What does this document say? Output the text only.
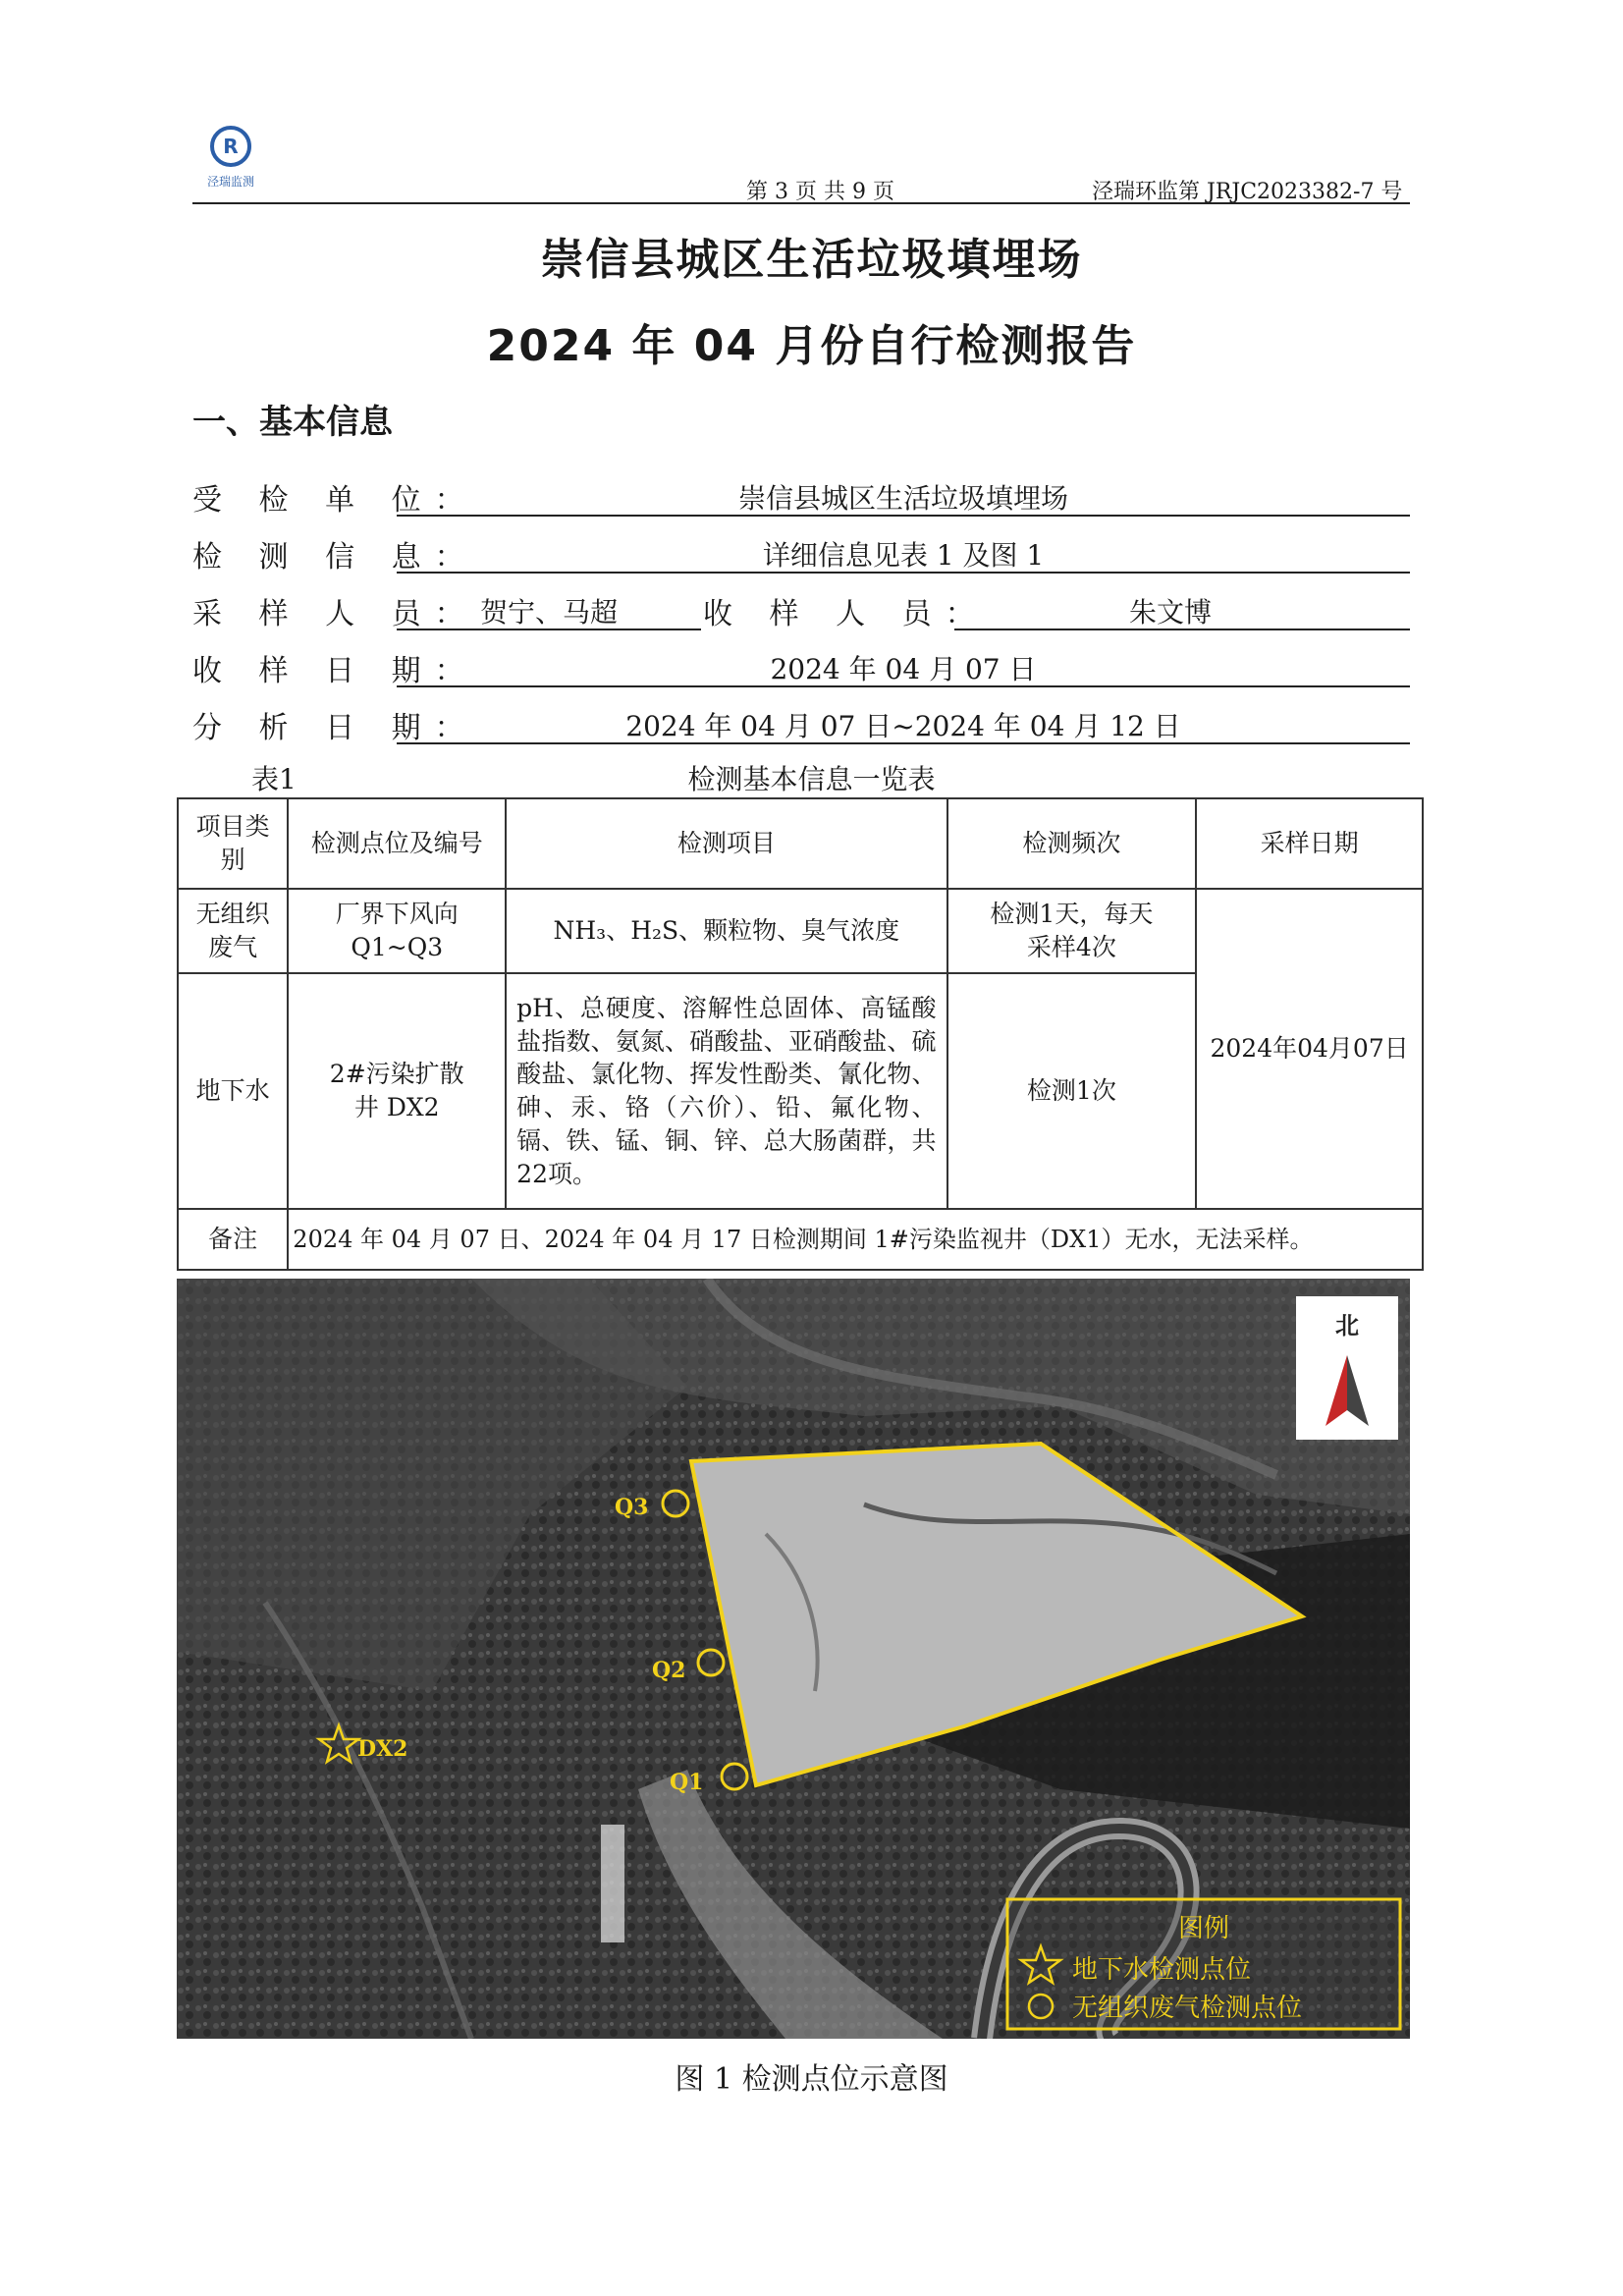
R
泾瑞监测	第 3 页 共 9 页	泾瑞环监第 JRJC2023382-7 号
崇信县城区生活垃圾填埋场
2024 年 04 月份自行检测报告
一、基本信息
受 检 单 位：	崇信县城区生活垃圾填埋场
检 测 信 息：	详细信息见表 1 及图 1
采 样 人 员： 贺宁、马超	收 样 人 员：	朱文博
收 样 日 期：	2024 年 04 月 07 日
分 析 日 期：	2024 年 04 月 07 日~2024 年 04 月 12 日
表1	检测基本信息一览表
项目类别	检测点位及编号	检测项目	检测频次	采样日期
无组织废气	厂界下风向 Q1~Q3	NH₃、H₂S、颗粒物、臭气浓度	检测1天，每天采样4次	2024年04月07日
地下水	2#污染扩散井 DX2	pH、总硬度、溶解性总固体、高锰酸盐指数、氨氮、硝酸盐、亚硝酸盐、硫酸盐、氯化物、挥发性酚类、氰化物、砷、汞、铬（六价）、铅、氟化物、镉、铁、锰、铜、锌、总大肠菌群，共22项。	检测1次	
备注	2024 年 04 月 07 日、2024 年 04 月 17 日检测期间 1#污染监视井（DX1）无水，无法采样。			
北
Q3
Q2
Q1
DX2
图例
地下水检测点位
无组织废气检测点位
图 1 检测点位示意图
